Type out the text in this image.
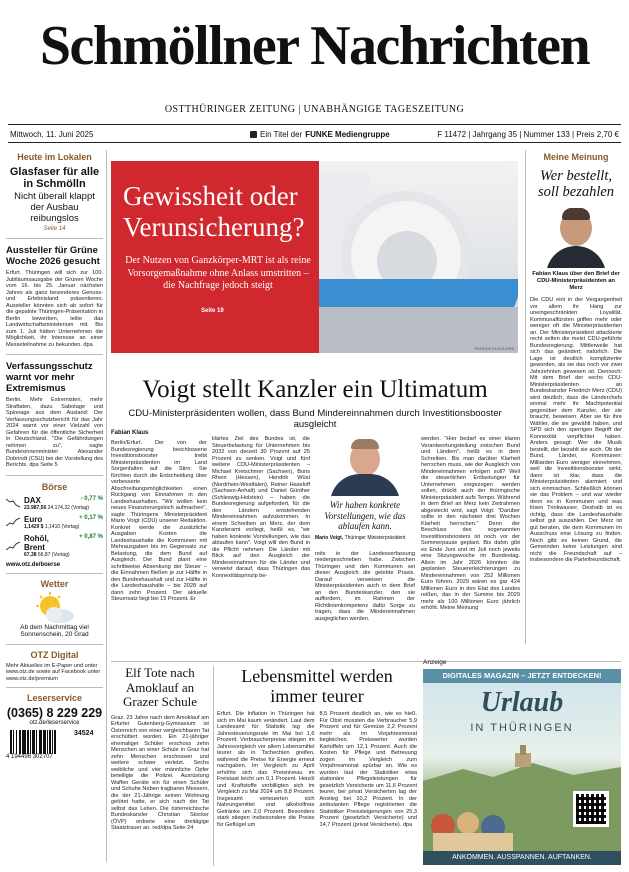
Schmöllner Nachrichten
OSTTHÜRINGER ZEITUNG | UNABHÄNGIGE TAGESZEITUNG
Mittwoch, 11. Juni 2025	Ein Titel der FUNKE Mediengruppe	F 11472 | Jahrgang 35 | Nummer 133 | Preis 2,70 €
Heute im Lokalen
Glasfaser für alle in Schmölln
Nicht überall klappt der Ausbau reibungslos
Seite 14
Aussteller für Grüne Woche 2026 gesucht
Erfurt. Thüringen will sich zur 100. Jubiläumsausgabe der Grünen Woche vom 16. bis 25. Januar nächsten Jahres als ganz besonderes Genuss- und Erlebnisland präsentieren. Aussteller könnten sich ab sofort für die gepalnte Thüringen-Präsentation in Berlin bewerben, teilte das Landwirtschaftsministerium mit. Bis zum 1. Juli hätten Unternehmen die Möglichkeit, ihr Interesse an einer Messeteilnahme zu bekunden. dpa
Verfassungsschutz warnt vor mehr Extremismus
Berlin. Mehr Extremisten, mehr Straftaten, dazu Sabotage und Spionage aus dem Ausland: Der Verfassungsschutzbericht für das Jahr 2024 warnt vor einer Vielzahl von Gefahren für die öffentliche Sicherheit in Deutschland. "Die Gefährdungen nehmen zu", sagte Bundesinnenminister Alexander Dobrindt (CSU) bei der Vorstellung des Berichts. dpa Seite 5
Börse
DAX	- 0,77 %
23.987,56 24.174,32 (Vortag)
Euro	+ 0,17 %
1,1429 $ 1,1410 (Vortag)
Rohöl, Brent
+ 0,87 %
67,38 66,87 (Vortag)
www.otz.de/boerse
Wetter
Ab dem Nachmittag viel Sonnenschein, 20 Grad
OTZ Digital
Mehr Aktuelles im E-Paper und unter www.otz.de sowie auf Facebook unter www.otz.de/premium
Leserservice
(0365) 8 229 229
otz.de/leserservice
34524
4 194496 302707
Gewissheit oder Verunsicherung?
Der Nutzen von Ganzkörper-MRT ist als reine Vorsorgemaßnahme ohne Anlass umstritten – die Nachfrage jedoch steigt
Seite 19
PATRICK PLEUL/DPA
Meine Meinung
Wer bestellt, soll bezahlen
Fabian Klaus über den Brief der CDU-Ministerpräsidenten an Merz
Die CDU eint in der Vergangenheit vor allem ihr Hang zur uneingeschränkten Loyalität. Kommunalfürsten griffen mehr oder weniger oft die Ministerpräsidenten an. Der Ministerpräsident attackierte recht selten die meist CDU-geführte Bundesregierung. Mittlerweile hat sich das geändert; natürlich. Die Lage ist deutlich komplizierter geworden, als sie das noch vor zwei Jahrzehnten gewesen ist. Dennoch: Mit dem Brief der sechs CDU-Ministerpräsidenten an Bundeskanzler Friedrich Merz (CDU) wird deutlich, dass die Länderchefs einmal mehr ihr Machtpotential gegenüber dem Kanzler, der sie braucht, beweisen. Aber sie für ihre Wähler, die sie gewählt haben, und SPD sich den sperrigen Begriff der Konnexität verpflichtet haben. Anders gesagt: Wer die Musik bestellt, der bezahlt sie auch. Ob der Bund, Länder, Kommunen: Milliarden Euro weniger einnehmen, weil die Investitionsbooster wirkt, dann ist klar, dass die Ministerpräsidenten alarmiert und sich einmischen. Schließlich können sie das Problem – und war wieder denn es in Kommunen und was lösen Trinkwasser. Deshalb ist es richtig, dass die Landeshaushalte selbst gut auszahlen. Der Merz ist gut beraten, die dem Kommunen im Ausschuss eine Lösung zu finden. Noch gibt es keinen Grund, die Gemeinden keine Leistungen sind nicht die Freundschaft auf – insbesondere die Parteifreundschaft.
Voigt stellt Kanzler ein Ultimatum
CDU-Ministerpräsidenten wollen, dass Bund Mindereinnahmen durch Investitionsbooster ausgleicht
Fabian Klaus
Berlin/Erfurt. Der von der Bundesregierung beschlossene Investitionsbooster treibt Ministerpräsidenten im Land Sorgenfalten auf die Stirn: Sie fürchten durch die Entscheidung über verbesserte Abschreibungsmöglichkeiten einen Rückgang von Einnahmen in den Landeshaushalten. "Wir wollen kein neues Finanzierungsloch aufmachen", sagte Thüringens Ministerpräsident Mario Voigt (CDU) unserer Redaktion. Konkret werde die zusätzliche Ausgaben Kosten die Landeshaushalte die Kommunen mit Mehrausgaben bis im Gegensatz zur Belastung, die dem Bund auf Ausgleich. Der Bund plant eine schrittweise Absenkung der Steuer – die Einnahmen fließen je zur Hälfte in den Bundeshaushalt und zur Hälfte in die Landeshaushalte – bis 2028 auf dann zehn Prozent. Der aktuelle Steuersatz liegt bei 15 Prozent. Er
klärtes Ziel des Bundes ist, die Steuerbelastung für Unternehmen bis 2032 von derzeit 30 Prozent auf 25 Prozent zu senken. Voigt und fünf weitere CDU-Ministerpräsidenten – Michael Kretschmer (Sachsen), Boris Rhein (Hessen), Hendrik Wüst (Nordrhein-Westfalen), Reiner Haseloff (Sachsen-Anhalt) und Daniel Günther (Schleswig-Holstein) – haben die Bundesregierung aufgefordert, für die den Ländern entstehenden Mindereinnahmen aufzukommen. In einem Schreiben an Merz, der dem Kanzleramt vorliegt, heißt es, "wir haben konkrete Vorstellungen, wie das ablaufen kann". Voigt will den Bund in die Pflicht nehmen: Die Länder mit Blick auf den Ausgleich der Mindereinnahmen für die Länder und verweist darauf, dass Thüringen das Konnexitätsprinzip be-
Wir haben konkrete Vorstellungen, wie das ablaufen kann.
Mario Voigt, Thüringer Ministerpräsident
reits in der Landesverfassung niedergeschrieben habe. Zwischen Thüringen und den Kommunen sei dieser Ausgleich die gelebte Praxis. Darauf verweisen die Ministerpräsidenten auch in dem Brief an den Bundeskanzler, den sie auffordern, im Rahmen der Richtlinienkompetenz dafür Sorge zu tragen, dass die Mindereinnahmen ausgeglichen werden.
werden. "Hier bedarf es einer klaren Verantwortungsteilung zwischen Bund und Ländern", heißt es in dem Schreiben. Bis man darüber Klarheit herrschen muss, wie der Ausgleich von Mindereinnahmen erfolgen soll? Weil die steuerlichen Entlastungen für Unternehmen vorgezogen werden sollen, drückt auch der thüringische Ministerpräsident aufs Tempo. Während in dem Brief an Merz kein Zeitrahmen abgesteckt wird, sagt Voigt: "Darüber sollte in den nächsten drei Wochen Klarheit herrschen." Denn der Beschluss des sogenannten Investitionsboosters ist noch vor der Sommerpause geplant. Bis dahin gibt es Ende Juni und im Juli noch jeweils eine Sitzungswoche im Bundestag. Allein im Jahr 2026 könnten die geplanten Steuererleichterungen zu Mindereinnahmen von 252 Millionen Euro führen. 2029 wären es gar 424 Millionen Euro in den Etat des Landes reißen, das in der Summe bis 2029 mehr als 100 Millionen Euro jährlich erhöht. Meine Meinung
Elf Tote nach Amoklauf an Grazer Schule
Graz. 23 Jahre nach dem Amoklauf am Erfurter Gutenberg-Gymnasium ist Österreich von einer vergleichbaren Tat erschüttert worden. Ein 21-jähriger ehemaliger Schüler erschoss zehn Menschen an einer Schule in Graz hat zehn Menschen erschossen und weitere schwer verletzt. Sechs weibliche und vier männliche Opfer beteiligte die Polizei. Ausrüstung Waffen Geräte ein für einen Schüler und Schuhe Neben tragbaren Messern, die der 21-Jährige seinen Wohnung getötet hatte, er sich nach der Tat selbst das Leben. Die österreichische Bundeskanzler Christian Stocker (ÖVP) ordnete eine dreitägige Staatstrauer an. red/dpa Seite 24
Lebensmittel werden immer teurer
Erfurt. Die Inflation in Thüringen hat sich im Mai kaum verändert. Laut dem Landesamt für Statistik lag die Jahresteuerungsrate im Mai bei 1,6 Prozent. Verbraucherpreise stiegen im Jahresvergleich vor allem Lebensmittel teurer als in Tschechien greifen, während die Preise für Energie erneut nachgaben. Im Vergleich zu April erhöhte sich das Preisniveau im Freistaat leicht um 0,1 Prozent. Heizöl und Kraftstoffe verbilligten sich im Vergleich zu Mai 2024 um 8,8 Prozent. Insgesamt verteuerten sich Nahrungsmittel und alkoholfreie Getränke um 2,0 Prozent. Besonders stark stiegen insbesondere die Preise für Geflügel um
8,5 Prozent deutlich an, wie es hieß. Für Obst mussten die Verbraucher 5,9 Prozent und für Gemüse 2,2 Prozent mehr als im Vorjahresmonat begleichen. Preiswerter wurden Kartoffeln um 12,1 Prozent. Auch die Kosten für Pflege und Betreuung zogen im Vergleich zum Vorjahresmonat spürbar an. Wie es wurden laut der Statistiker etwa stationäre Pflegeleistungen für gesetzlich Versicherte um 11,6 Prozent teurer, bei privat Versicherten lag der Anstieg bei 10,2 Prozent. In der ambulanten Pflege registrierten die Statistiker Preissteigerungen von 25,3 Prozent (gesetzlich Versicherte) und 14,7 Prozent (privat Versicherte). dpa
Anzeige
DIGITALES MAGAZIN – JETZT ENTDECKEN!
Urlaub
IN THÜRINGEN
ANKOMMEN. AUSSPANNEN. AUFTANKEN.
